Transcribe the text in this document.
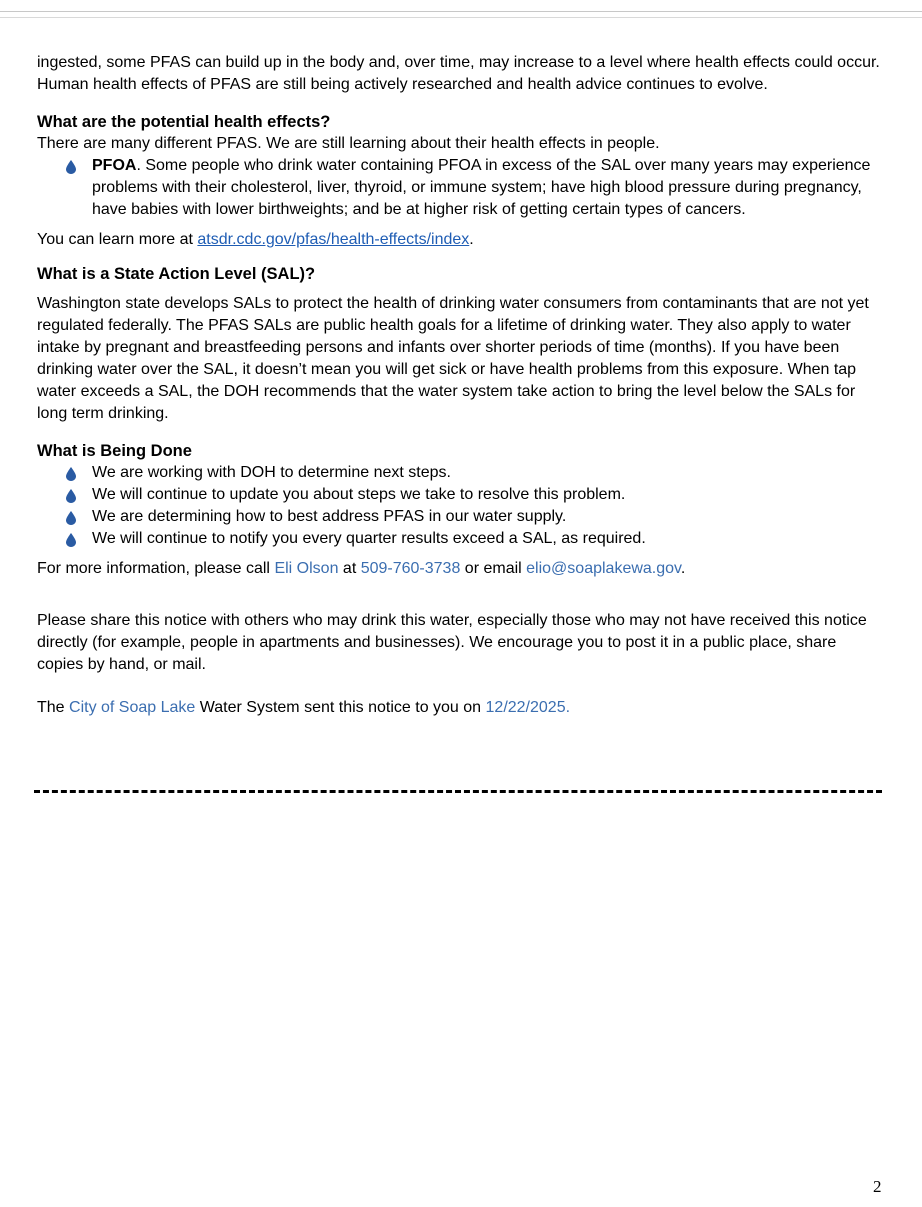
ingested, some PFAS can build up in the body and, over time, may increase to a level where health effects could occur. Human health effects of PFAS are still being actively researched and health advice continues to evolve.

What are the potential health effects?

There are many different PFAS. We are still learning about their health effects in people.

PFOA. Some people who drink water containing PFOA in excess of the SAL over many years may experience problems with their cholesterol, liver, thyroid, or immune system; have high blood pressure during pregnancy, have babies with lower birthweights; and be at higher risk of getting certain types of cancers.

You can learn more at atsdr.cdc.gov/pfas/health-effects/index.

What is a State Action Level (SAL)?

Washington state develops SALs to protect the health of drinking water consumers from contaminants that are not yet regulated federally. The PFAS SALs are public health goals for a lifetime of drinking water. They also apply to water intake by pregnant and breastfeeding persons and infants over shorter periods of time (months). If you have been drinking water over the SAL, it doesn’t mean you will get sick or have health problems from this exposure. When tap water exceeds a SAL, the DOH recommends that the water system take action to bring the level below the SALs for long term drinking.

What is Being Done
We are working with DOH to determine next steps.
We will continue to update you about steps we take to resolve this problem.
We are determining how to best address PFAS in our water supply.
We will continue to notify you every quarter results exceed a SAL, as required.

For more information, please call Eli Olson at 509-760-3738 or email elio@soaplakewa.gov.

Please share this notice with others who may drink this water, especially those who may not have received this notice directly (for example, people in apartments and businesses). We encourage you to post it in a public place, share copies by hand, or mail.

The City of Soap Lake Water System sent this notice to you on 12/22/2025.

2
